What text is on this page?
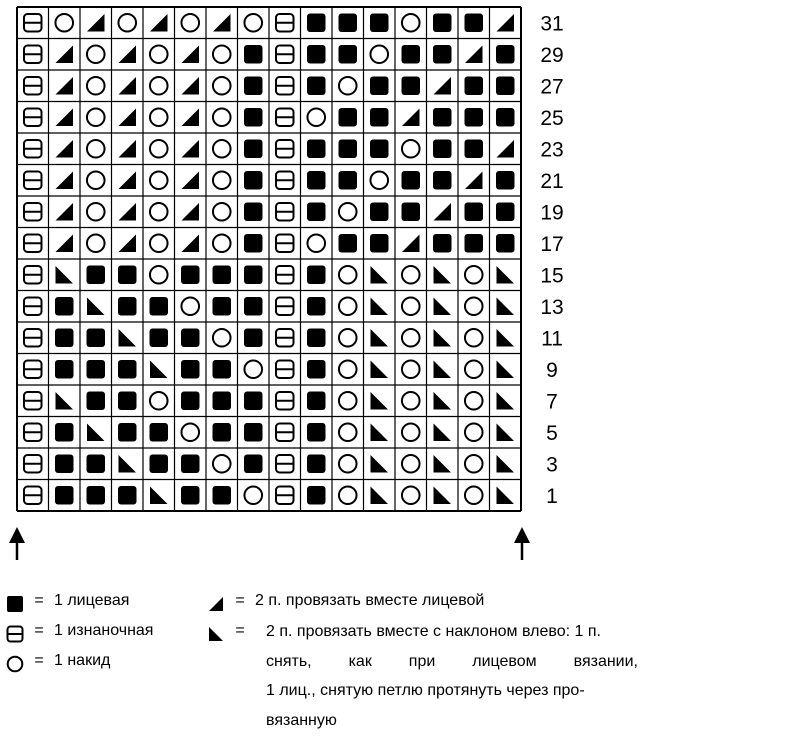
31
29
27
25
23
21
19
17
15
13
11
9
7
5
3
1
= 1 лицевая
= 1 изнаночная
= 1 накид
= 2 п. провязать вместе лицевой
=	2 п. провязать вместе с наклоном влево: 1 п.
снять, как при лицевом вязании,
1 лиц., снятую петлю протянуть через про-
вязанную
